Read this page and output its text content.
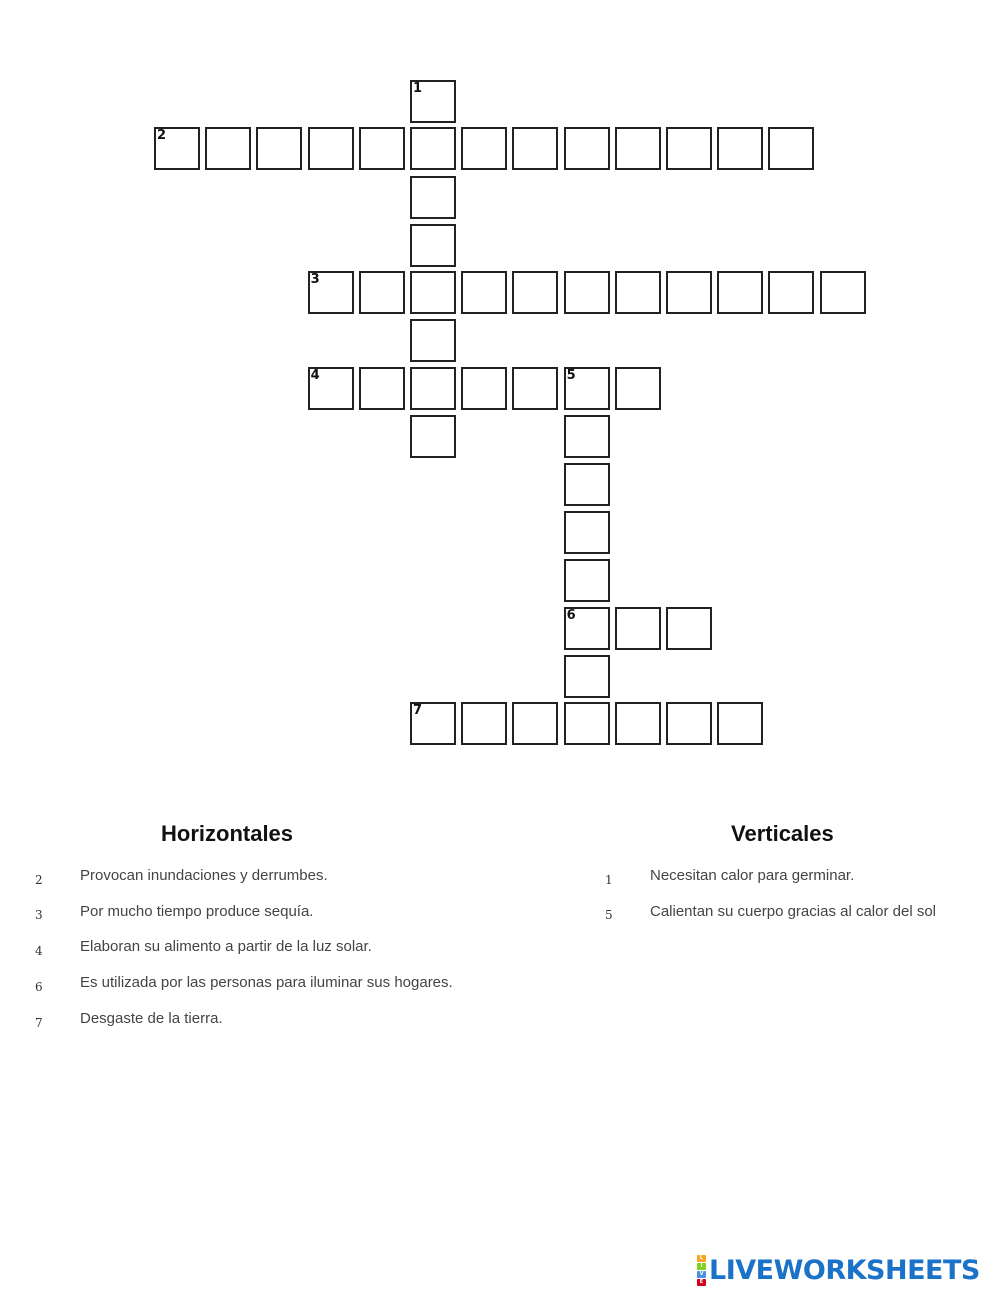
1
2
3
4	5
6
7
Horizontales	Verticales
2 Provocan inundaciones y derrumbes.
3 Por mucho tiempo produce sequía.
4 Elaboran su alimento a partir de la luz solar.
6 Es utilizada por las personas para iluminar sus hogares.
7 Desgaste de la tierra.
1 Necesitan calor para germinar.
5 Calientan su cuerpo gracias al calor del sol
L
I
V
E LIVEWORKSHEETS
